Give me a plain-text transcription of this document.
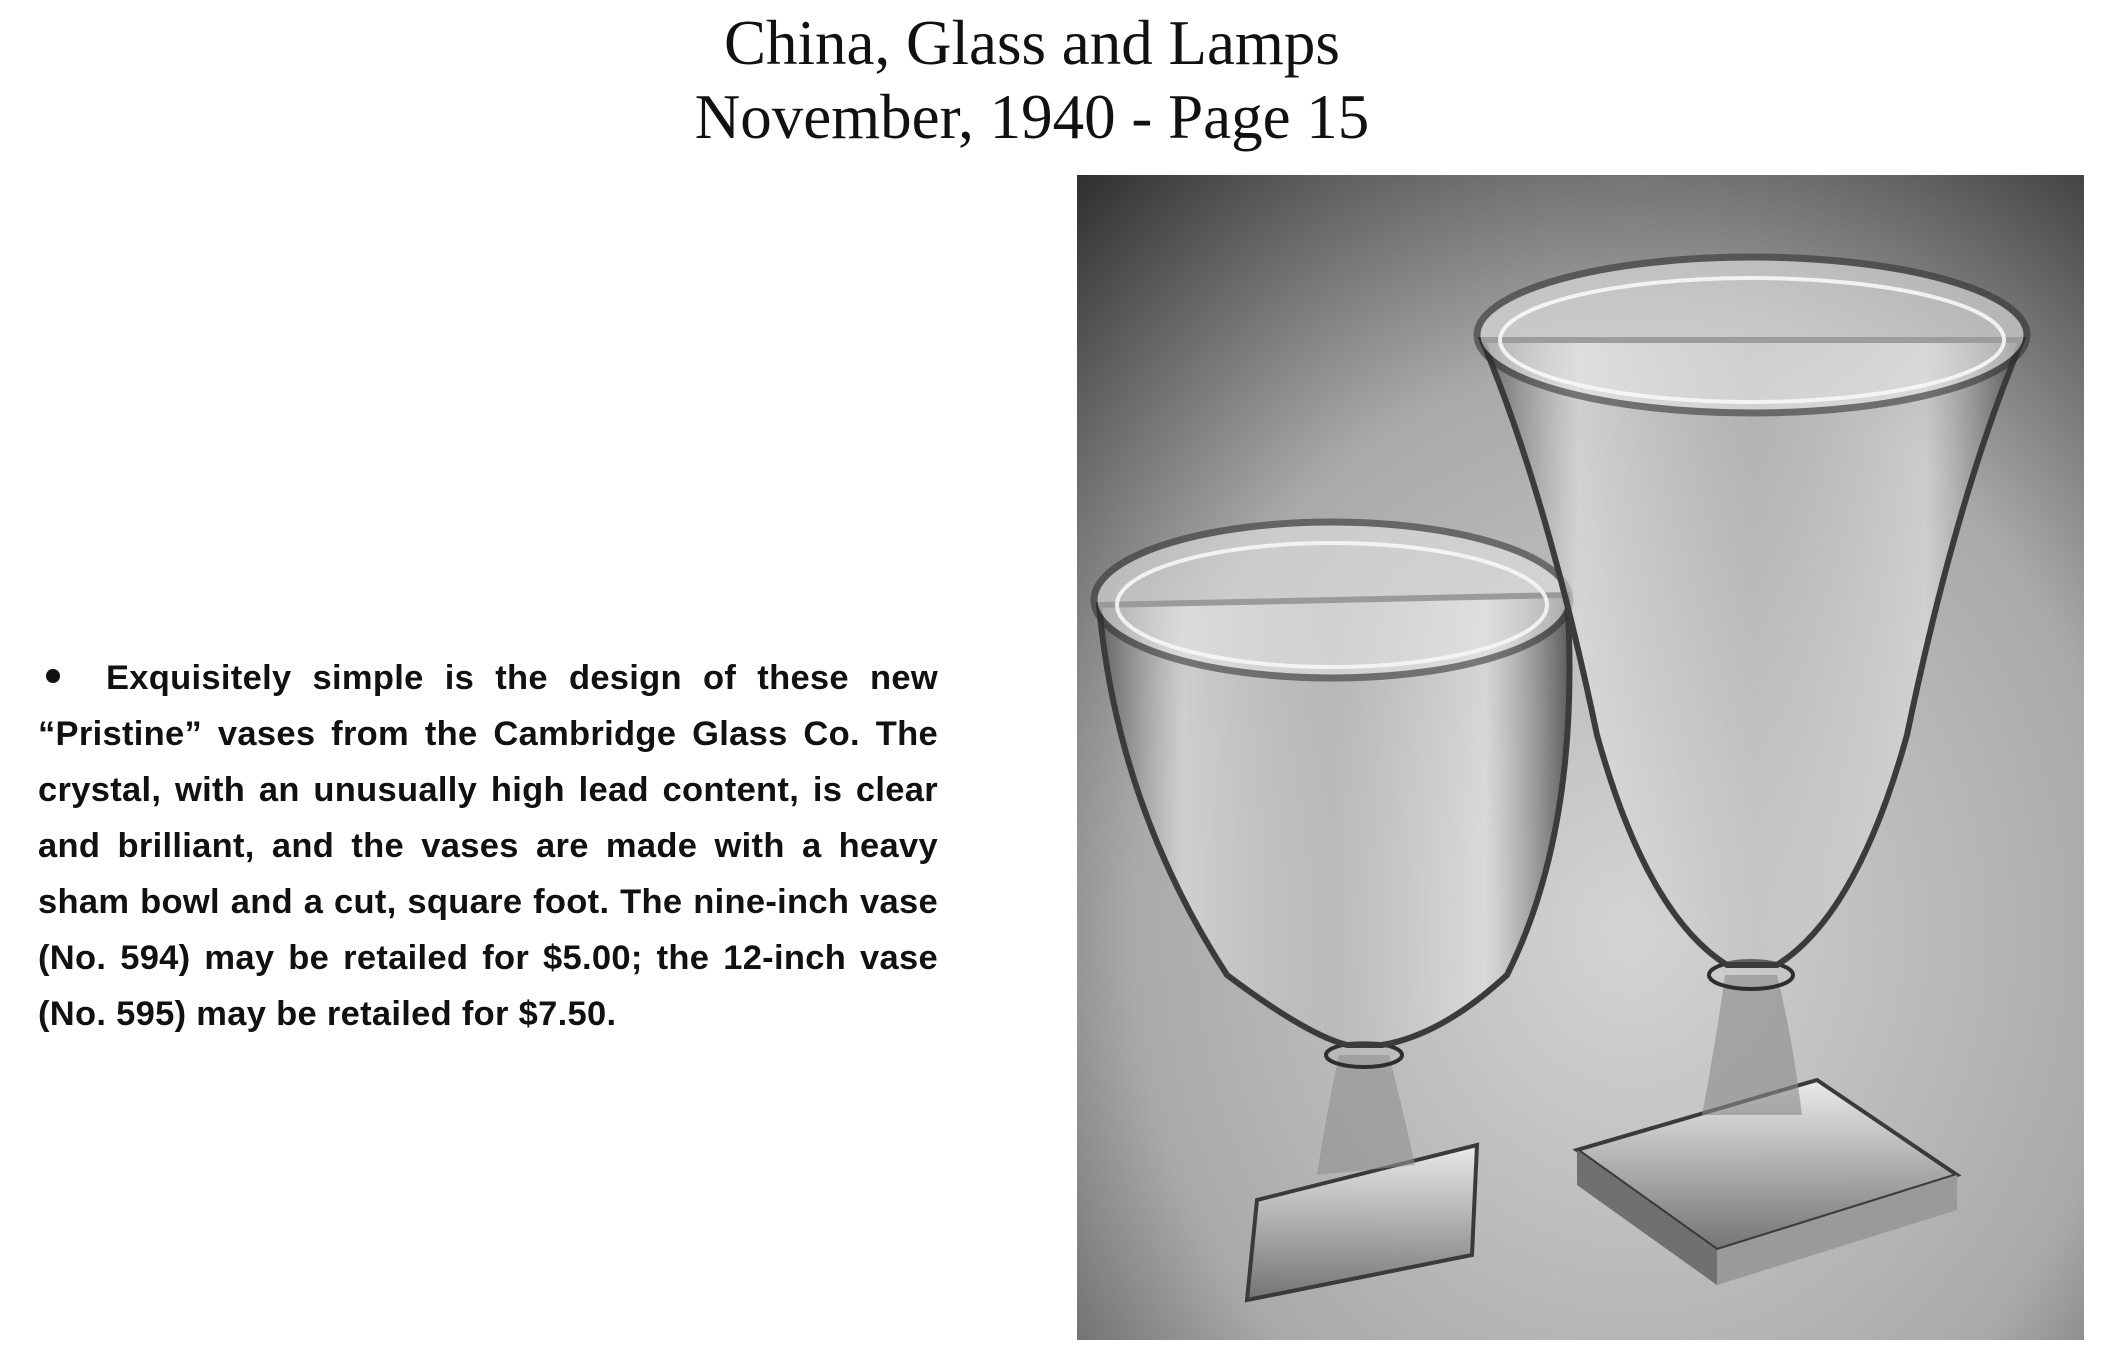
China, Glass and Lamps
November, 1940 - Page 15
Exquisitely simple is the design of these new “Pristine” vases from the Cambridge Glass Co. The crystal, with an unusually high lead content, is clear and brilliant, and the vases are made with a heavy sham bowl and a cut, square foot. The nine-inch vase (No. 594) may be retailed for $5.00; the 12-inch vase (No. 595) may be retailed for $7.50.
